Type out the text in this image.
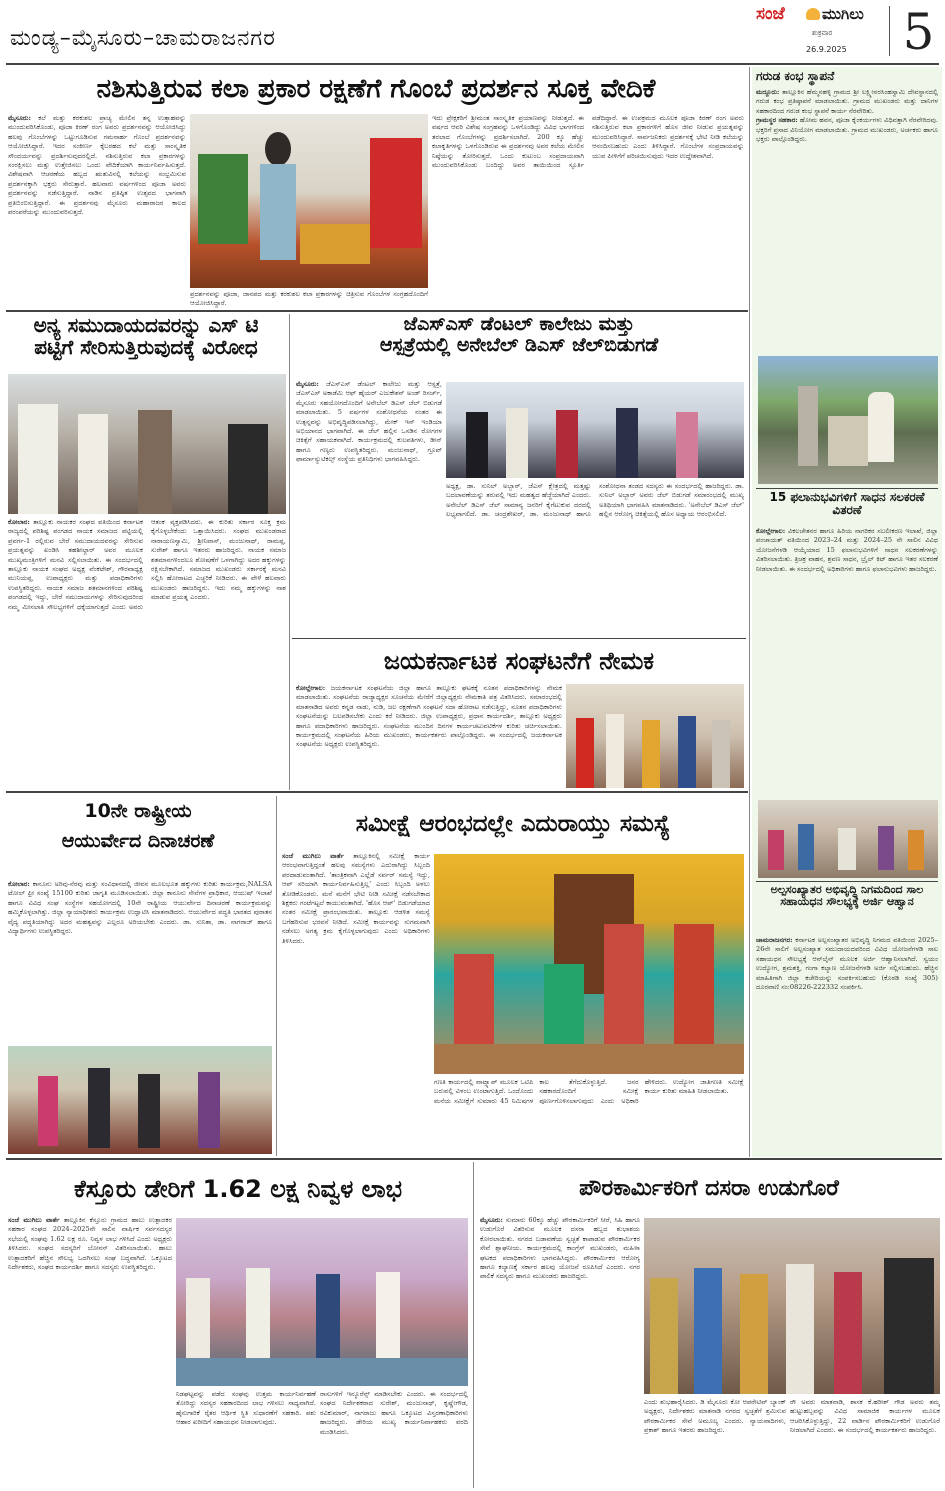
ಮಂಡ್ಯ–ಮೈಸೂರು–ಚಾಮರಾಜನಗರ
ಸಂಜೆ ಮುಗಿಲು
ಶುಕ್ರವಾರ
26.9.2025	5
ಗರುಡ ಕಂಭ ಸ್ಥಾಪನೆ
ಮದ್ದೂರು: ತಾಲ್ಲೂಕಿನ ಹೆಮ್ಮನಹಳ್ಳಿ ಗ್ರಾಮದ ಶ್ರೀ ಲಕ್ಷ್ಮೀನರಸಿಂಹಸ್ವಾಮಿ ದೇವಸ್ಥಾನದಲ್ಲಿ ಗರುಡ ಕಂಭ ಪ್ರತಿಷ್ಠಾಪನೆ ಮಾಡಲಾಯಿತು. ಗ್ರಾಮದ ಮುಖಂಡರು ಮತ್ತು ದಾನಿಗಳ ಸಹಕಾರದಿಂದ ಗರುಡ ಕಂಭ ಸ್ಥಾಪನೆ ಕಾರ್ಯ ನೆರವೇರಿತು.
ಗ್ರಾಮಸ್ಥರ ಸಹಕಾರ: ಹೋಮ ಹವನ, ಪೂಜಾ ಕೈಂಕರ್ಯಗಳು ವಿಧಿವತ್ತಾಗಿ ನೆರವೇರಿದವು. ಭಕ್ತರಿಗೆ ಪ್ರಸಾದ ವಿನಿಯೋಗ ಮಾಡಲಾಯಿತು. ಗ್ರಾಮದ ಮುಖಂಡರು, ಅರ್ಚಕರು ಹಾಗೂ ಭಕ್ತರು ಪಾಲ್ಗೊಂಡಿದ್ದರು.
15 ಫಲಾನುಭವಿಗಳಿಗೆ ಸಾಧನ ಸಲಕರಣೆ ವಿತರಣೆ
ಕೋಲ್ಲೇಗಾಲ: ವಿಕಲಚೇತನರ ಹಾಗೂ ಹಿರಿಯ ನಾಗರಿಕರ ಸಬಲೀಕರಣ ಇಲಾಖೆ, ಜಿಲ್ಲಾ ಪಂಚಾಯತ್ ವತಿಯಿಂದ 2023–24 ಮತ್ತು 2024–25 ನೇ ಸಾಲಿನ ವಿವಿಧ ಯೋಜನೆಗಳಡಿ ಆಯ್ಕೆಯಾದ 15 ಫಲಾನುಭವಿಗಳಿಗೆ ಸಾಧನ ಸಲಕರಣೆಗಳನ್ನು ವಿತರಿಸಲಾಯಿತು. ತ್ರಿಚಕ್ರ ವಾಹನ, ಶ್ರವಣ ಸಾಧನ, ಬ್ರೈಲ್ ಕಿಟ್ ಹಾಗೂ ಇತರ ಸಲಕರಣೆ ನೀಡಲಾಯಿತು. ಈ ಸಂದರ್ಭದಲ್ಲಿ ಅಧಿಕಾರಿಗಳು ಹಾಗೂ ಫಲಾನುಭವಿಗಳು ಹಾಜರಿದ್ದರು.
ಅಲ್ಪಸಂಖ್ಯಾತರ ಅಭಿವೃದ್ಧಿ ನಿಗಮದಿಂದ ಸಾಲ ಸಹಾಯಧನ ಸೌಲಭ್ಯಕ್ಕೆ ಅರ್ಜಿ ಆಹ್ವಾನ
ಚಾಮರಾಜನಗರ: ಕರ್ನಾಟಕ ಅಲ್ಪಸಂಖ್ಯಾತರ ಅಭಿವೃದ್ಧಿ ನಿಗಮದ ವತಿಯಿಂದ 2025–26ನೇ ಸಾಲಿಗೆ ಅಲ್ಪಸಂಖ್ಯಾತ ಸಮುದಾಯದವರಿಂದ ವಿವಿಧ ಯೋಜನೆಗಳಡಿ ಸಾಲ ಸಹಾಯಧನ ಸೌಲಭ್ಯಕ್ಕೆ ಆನ್‌ಲೈನ್ ಮೂಲಕ ಅರ್ಜಿ ಆಹ್ವಾನಿಸಲಾಗಿದೆ. ಸ್ವಯಂ ಉದ್ಯೋಗ, ಶ್ರಮಶಕ್ತಿ, ಗಂಗಾ ಕಲ್ಯಾಣ ಯೋಜನೆಗಳಡಿ ಅರ್ಜಿ ಸಲ್ಲಿಸಬಹುದು. ಹೆಚ್ಚಿನ ಮಾಹಿತಿಗಾಗಿ ಜಿಲ್ಲಾ ಕಚೇರಿಯನ್ನು ಸಂಪರ್ಕಿಸಬಹುದು (ಕೊಠಡಿ ಸಂಖ್ಯೆ 305) ದೂರವಾಣಿ ಸಂ:08226-222332 ಸಂಪರ್ಕಿಸಿ.
ನಶಿಸುತ್ತಿರುವ ಕಲಾ ಪ್ರಕಾರ ರಕ್ಷಣೆಗೆ ಗೊಂಬೆ ಪ್ರದರ್ಶನ ಸೂಕ್ತ ವೇದಿಕೆ
ಮೈಸೂರು: ಕಲೆ ಮತ್ತು ಕರಕುಶಲ ಪ್ರಾಚ್ಯ ಮೇಲಿನ ತನ್ನ ಉತ್ಸಾಹವನ್ನು ಮುಂದುವರಿಸಿಕೊಂಡು, ಪೂಜಾ ಕಿರಣ್ ರಂಗ ಅವರು ಪ್ರದರ್ಶನವನ್ನು ಆಯೋಜಿಸಿದ್ದು ಹಲವು ಗೊಂಬೆಗಳನ್ನು ಒಟ್ಟುಗೂಡಿಸುವ ಗಮನಾರ್ಹ ಗೊಂಬೆ ಪ್ರದರ್ಶನವನ್ನು ಆಯೋಜಿಸಿದ್ದಾರೆ. ಇದರ ಸಂಕೀರ್ಣ ಕೈಬರಹದ ಕಲೆ ಮತ್ತು ಸಾಂಸ್ಕೃತಿಕ ಸೌಂದರ್ಯವನ್ನು ಪ್ರದರ್ಶಿಸುವುದರಲ್ಲಿದೆ. ನಶಿಸುತ್ತಿರುವ ಕಲಾ ಪ್ರಕಾರಗಳನ್ನು ಸಂರಕ್ಷಿಸಲು ಮತ್ತು ಉತ್ತೇಜಿಸಲು ಒಂದು ವೇದಿಕೆಯಾಗಿ ಕಾರ್ಯನಿರ್ವಹಿಸುತ್ತದೆ. ವಿಶೇಷವಾಗಿ ಆಚರಣೆಯ ಹಬ್ಬದ ಋತುವಿನಲ್ಲಿ ಕಲೆಯನ್ನು ಸಂಭ್ರಮಿಸುವ ಪ್ರದರ್ಶನಕ್ಕಾಗಿ ಭಕ್ತರು ಸೇರುತ್ತಾರೆ. ಹಲವಾರು ವರ್ಷಗಳಿಂದ ಪೂಜಾ ಅವರು ಪ್ರದರ್ಶನವನ್ನು ನಡೆಸುತ್ತಿದ್ದಾರೆ. ನಾಡಿನ ಪ್ರತಿಷ್ಠಿತ ಉತ್ಸವದ ಭಾಗವಾಗಿ ಪ್ರತಿಬಿಂಬಿಸುತ್ತಿದ್ದಾರೆ. ಈ ಪ್ರದರ್ಶನವು ಮೈಸೂರು ಮಹಾರಾಜರ ಕಾಲದ ಪರಂಪರೆಯನ್ನು ಮುಂದುವರಿಸುತ್ತದೆ.
ಪ್ರದರ್ಶನವನ್ನು ಪೂಜಾ, ಜಾನಪದ ಮತ್ತು ಕರಕುಶಲ ಕಲಾ ಪ್ರಕಾರಗಳನ್ನು ಚಿತ್ರಿಸುವ ಗೊಂಬೆಗಳ ಸಂಗ್ರಹದೊಂದಿಗೆ ಆಯೋಜಿಸಿದ್ದಾರೆ.
ಇದು ಪ್ರೇಕ್ಷಕರಿಗೆ ಶ್ರೀಮಂತ ಸಾಂಸ್ಕೃತಿಕ ಪ್ರಯಾಣವನ್ನು ನೀಡುತ್ತದೆ. ಈ ವರ್ಷದ ಆವರಿ ವಿಶೇಷ ಸಂಗ್ರಹವನ್ನು ಒಳಗೊಂಡಿದ್ದು ವಿವಿಧ ಭಾಗಗಳಿಂದ ತರಲಾದ ಗೊಂಬೆಗಳನ್ನು ಪ್ರದರ್ಶಿಸಲಾಗಿದೆ. 200 ಕ್ಕೂ ಹೆಚ್ಚು ಕಲಾಕೃತಿಗಳನ್ನು ಒಳಗೊಂಡಿರುವ ಈ ಪ್ರದರ್ಶನವು ಅವರ ಕಲೆಯ ಮೇಲಿನ ನಿಷ್ಠೆಯನ್ನು ತೋರಿಸುತ್ತದೆ. ಒಂದು ಕುಟುಂಬ ಸಂಪ್ರದಾಯವಾಗಿ ಮುಂದುವರಿಸಿಕೊಂಡು ಬಂದಿದ್ದು ಅವರ ತಾಯಿಯಿಂದ ಸ್ಫೂರ್ತಿ ಪಡೆದಿದ್ದಾರೆ. ಈ ಉಪಕ್ರಮದ ಮೂಲಕ ಪೂಜಾ ಕಿರಣ್ ರಂಗ ಅವರು ನಶಿಸುತ್ತಿರುವ ಕಲಾ ಪ್ರಕಾರಗಳಿಗೆ ಹೊಸ ಜೀವ ನೀಡುವ ಪ್ರಯತ್ನವನ್ನು ಮುಂದುವರಿಸಿದ್ದಾರೆ. ಸಾರ್ವಜನಿಕರು ಪ್ರದರ್ಶನಕ್ಕೆ ಭೇಟಿ ನೀಡಿ ಕಲೆಯನ್ನು ಆನಂದಿಸಬಹುದು ಎಂದು ತಿಳಿಸಿದ್ದಾರೆ. ಗೊಂಬೆಗಳ ಸಂಪ್ರದಾಯವನ್ನು ಯುವ ಪೀಳಿಗೆಗೆ ಪರಿಚಯಿಸುವುದು ಇದರ ಉದ್ದೇಶವಾಗಿದೆ.
ಅನ್ಯ ಸಮುದಾಯದವರನ್ನು ಎಸ್ ಟಿ
ಪಟ್ಟಿಗೆ ಸೇರಿಸುತ್ತಿರುವುದಕ್ಕೆ ವಿರೋಧ
ಕೋಲಾರ: ತಾಲ್ಲೂಕು ನಾಯಕರ ಸಂಘದ ವತಿಯಿಂದ ಕರ್ನಾಟಕ ರಾಜ್ಯದಲ್ಲಿ ಪರಿಶಿಷ್ಟ ಪಂಗಡದ ನಾಯಕ ಸಮಾಜದ ಪಟ್ಟಿಯಲ್ಲಿ ಪ್ರವರ್ಗ-1 ರಲ್ಲಿರುವ ಬೇರೆ ಸಮುದಾಯದವರನ್ನು ಸೇರಿಸುವ ಪ್ರಯತ್ನವನ್ನು ಖಂಡಿಸಿ ತಹಶೀಲ್ದಾರ್ ಅವರ ಮೂಲಕ ಮುಖ್ಯಮಂತ್ರಿಗಳಿಗೆ ಮನವಿ ಸಲ್ಲಿಸಲಾಯಿತು. ಈ ಸಂದರ್ಭದಲ್ಲಿ ತಾಲ್ಲೂಕು ನಾಯಕ ಸಂಘದ ಅಧ್ಯಕ್ಷ ವೆಂಕಟೇಶ್, ಗೌರವಾಧ್ಯಕ್ಷ ಮುನಿಯಪ್ಪ, ಉಪಾಧ್ಯಕ್ಷರು ಮತ್ತು ಪದಾಧಿಕಾರಿಗಳು ಉಪಸ್ಥಿತರಿದ್ದರು. ನಾಯಕ ಸಮಾಜ ಶತಮಾನಗಳಿಂದ ಪರಿಶಿಷ್ಟ ಪಂಗಡದಲ್ಲಿ ಇದ್ದು, ಬೇರೆ ಸಮುದಾಯಗಳನ್ನು ಸೇರಿಸುವುದರಿಂದ ನಮ್ಮ ಮೀಸಲಾತಿ ಸೌಲಭ್ಯಗಳಿಗೆ ಧಕ್ಕೆಯಾಗುತ್ತದೆ ಎಂದು ಅವರು ಆತಂಕ ವ್ಯಕ್ತಪಡಿಸಿದರು. ಈ ಕುರಿತು ಸರ್ಕಾರ ಸೂಕ್ತ ಕ್ರಮ ಕೈಗೊಳ್ಳಬೇಕೆಂದು ಒತ್ತಾಯಿಸಿದರು. ಸಂಘದ ಮುಖಂಡರಾದ ನಾರಾಯಣಸ್ವಾಮಿ, ಶ್ರೀನಿವಾಸ್, ಮಂಜುನಾಥ್, ರಾಮಪ್ಪ, ಸುರೇಶ್ ಹಾಗೂ ಇತರರು ಹಾಜರಿದ್ದರು. ನಾಯಕ ಸಮಾಜ ಶತಮಾನಗಳಿಂದಲೂ ಶೋಷಣೆಗೆ ಒಳಗಾಗಿದ್ದು ಅದರ ಹಕ್ಕುಗಳನ್ನು ರಕ್ಷಿಸಬೇಕಾಗಿದೆ. ಸಮಾಜದ ಮುಖಂಡರು ಸರ್ಕಾರಕ್ಕೆ ಮನವಿ ಸಲ್ಲಿಸಿ ಹೋರಾಟದ ಎಚ್ಚರಿಕೆ ನೀಡಿದರು. ಈ ವೇಳೆ ಹಲವಾರು ಮುಖಂಡರು ಹಾಜರಿದ್ದರು. ಇದು ನಮ್ಮ ಹಕ್ಕುಗಳನ್ನು ನಾಶ ಮಾಡುವ ಪ್ರಯತ್ನ ಎಂದರು.
ಜೆಎಸ್‌ಎಸ್ ಡೆಂಟಲ್ ಕಾಲೇಜು ಮತ್ತು
ಆಸ್ಪತ್ರೆಯಲ್ಲಿ ಅನೇಬೆಲ್ ಡಿಎಸ್ ಜೆಲ್‌ಬಿಡುಗಡೆ
ಮೈಸೂರು: ಜೆಎಸ್‌ಎಸ್ ಡೆಂಟಲ್ ಕಾಲೇಜು ಮತ್ತು ಆಸ್ಪತ್ರೆ, ಜೆಎಸ್‌ಎಸ್ ಅಕಾಡೆಮಿ ಆಫ್ ಹೈಯರ್ ಎಜುಕೇಶನ್ ಅಂಡ್ ರಿಸರ್ಚ್, ಮೈಸೂರು ಸಹಯೋಗದೊಂದಿಗೆ ಅನೇಬೆಲ್ ಡಿಎಸ್ ಜೆಲ್ ಬಿಡುಗಡೆ ಮಾಡಲಾಯಿತು. 5 ವರ್ಷಗಳ ಸಂಶೋಧನೆಯ ನಂತರ ಈ ಉತ್ಪನ್ನವನ್ನು ಅಭಿವೃದ್ಧಿಪಡಿಸಲಾಗಿದ್ದು, ಮೇಕ್ ಇನ್ ಇಂಡಿಯಾ ಅಭಿಯಾನದ ಭಾಗವಾಗಿದೆ. ಈ ಜೆಲ್ ಹಲ್ಲಿನ ಒಸಡಿನ ರೋಗಗಳ ಚಿಕಿತ್ಸೆಗೆ ಸಹಾಯಕವಾಗಿದೆ. ಕಾರ್ಯಕ್ರಮದಲ್ಲಿ ಕುಲಪತಿಗಳು, ಡೀನ್ ಹಾಗೂ ಗಣ್ಯರು ಉಪಸ್ಥಿತರಿದ್ದರು. ಮಂಜುನಾಥ್, ಗ್ರೂಪ್ ಫಾರ್ಮಾಸ್ಯುಟಿಕಲ್ಸ್ ಸಂಸ್ಥೆಯ ಪ್ರತಿನಿಧಿಗಳು ಭಾಗವಹಿಸಿದ್ದರು.
ಅಧ್ಯಕ್ಷ, ಡಾ. ಸುನಿಲ್ ಅಬ್ಬಾರ್, ಜೆಎಸ್ ಕ್ಷೇತ್ರದಲ್ಲಿ ಮತ್ತಷ್ಟು ಬದಲಾವಣೆಯನ್ನು ತರುವಲ್ಲಿ ಇದು ಮಹತ್ವದ ಹೆಜ್ಜೆಯಾಗಿದೆ ಎಂದರು. ಅನೇಬೆಲ್ ಡಿಎಸ್ ಜೆಲ್ ಸಾಮಾನ್ಯ ಜನರಿಗೆ ಕೈಗೆಟುಕುವ ದರದಲ್ಲಿ ಲಭ್ಯವಾಗಲಿದೆ. ಡಾ. ಚಂದ್ರಶೇಖರ್, ಡಾ. ಮಂಜುನಾಥ್ ಹಾಗೂ ಸಂಶೋಧನಾ ತಂಡದ ಸದಸ್ಯರು ಈ ಸಂದರ್ಭದಲ್ಲಿ ಹಾಜರಿದ್ದರು. ಡಾ. ಸುನಿಲ್ ಅಬ್ಬಾರ್ ಅವರು ಜೆಲ್ ಬಿಡುಗಡೆ ಸಮಾರಂಭದಲ್ಲಿ ಮುಖ್ಯ ಅತಿಥಿಯಾಗಿ ಭಾಗವಹಿಸಿ ಮಾತನಾಡಿದರು. 'ಅನೇಬೆಲ್ ಡಿಎಸ್ ಜೆಲ್' ಹಲ್ಲಿನ ಆರೋಗ್ಯ ಚಿಕಿತ್ಸೆಯಲ್ಲಿ ಹೊಸ ಅಧ್ಯಾಯ ಆರಂಭಿಸಲಿದೆ.
ಜಯಕರ್ನಾಟಕ ಸಂಘಟನೆಗೆ ನೇಮಕ
ಕೋಲ್ಲೇಗಾಲ: ಜಯಕರ್ನಾಟಕ ಸಂಘಟನೆಯ ಜಿಲ್ಲಾ ಹಾಗೂ ತಾಲ್ಲೂಕು ಘಟಕಕ್ಕೆ ನೂತನ ಪದಾಧಿಕಾರಿಗಳನ್ನು ನೇಮಕ ಮಾಡಲಾಯಿತು. ಸಂಘಟನೆಯ ರಾಜ್ಯಾಧ್ಯಕ್ಷರ ಸೂಚನೆಯ ಮೇರೆಗೆ ಜಿಲ್ಲಾಧ್ಯಕ್ಷರು ನೇಮಕಾತಿ ಪತ್ರ ವಿತರಿಸಿದರು. ಸಮಾರಂಭದಲ್ಲಿ ಮಾತನಾಡಿದ ಅವರು ಕನ್ನಡ ನಾಡು, ನುಡಿ, ಜಲ ರಕ್ಷಣೆಗಾಗಿ ಸಂಘಟನೆ ಸದಾ ಹೋರಾಟ ನಡೆಸುತ್ತಿದ್ದು, ನೂತನ ಪದಾಧಿಕಾರಿಗಳು ಸಂಘಟನೆಯನ್ನು ಬಲಪಡಿಸಬೇಕು ಎಂದು ಕರೆ ನೀಡಿದರು. ಜಿಲ್ಲಾ ಉಪಾಧ್ಯಕ್ಷರು, ಪ್ರಧಾನ ಕಾರ್ಯದರ್ಶಿ, ತಾಲ್ಲೂಕು ಅಧ್ಯಕ್ಷರು ಹಾಗೂ ಪದಾಧಿಕಾರಿಗಳು ಹಾಜರಿದ್ದರು. ಸಂಘಟನೆಯ ಮುಂದಿನ ದಿನಗಳ ಕಾರ್ಯಚಟುವಟಿಕೆಗಳ ಕುರಿತು ಚರ್ಚಿಸಲಾಯಿತು. ಕಾರ್ಯಕ್ರಮದಲ್ಲಿ ಸಂಘಟನೆಯ ಹಿರಿಯ ಮುಖಂಡರು, ಕಾರ್ಯಕರ್ತರು ಪಾಲ್ಗೊಂಡಿದ್ದರು. ಈ ಸಂದರ್ಭದಲ್ಲಿ ಜಯಕರ್ನಾಟಕ ಸಂಘಟನೆಯ ಅಧ್ಯಕ್ಷರು ಉಪಸ್ಥಿತರಿದ್ದರು.
10ನೇ ರಾಷ್ಟ್ರೀಯ
ಆಯುರ್ವೇದ ದಿನಾಚರಣೆ
ಕೋಲಾರ: ಕಾನೂನು ಅರಿವು-ನೆರವು ಮತ್ತು ಸಂವಿಧಾನದಲ್ಲಿ ಜೀವನ ಮೂಲಭೂತ ಹಕ್ಕುಗಳು ಕುರಿತು ಕಾರ್ಯಕ್ರಮ,NALSA ಟೋಲ್ ಫ್ರೀ ಸಂಖ್ಯೆ 15100 ಕುರಿತು ಜಾಗೃತಿ ಮೂಡಿಸಲಾಯಿತು. ಜಿಲ್ಲಾ ಕಾನೂನು ಸೇವೆಗಳ ಪ್ರಾಧಿಕಾರ, ಆಯುಷ್ ಇಲಾಖೆ ಹಾಗೂ ವಿವಿಧ ಸಂಘ ಸಂಸ್ಥೆಗಳ ಸಹಯೋಗದಲ್ಲಿ 10ನೇ ರಾಷ್ಟ್ರೀಯ ಆಯುರ್ವೇದ ದಿನಾಚರಣೆ ಕಾರ್ಯಕ್ರಮವನ್ನು ಹಮ್ಮಿಕೊಳ್ಳಲಾಗಿತ್ತು. ಜಿಲ್ಲಾ ನ್ಯಾಯಾಧೀಶರು ಕಾರ್ಯಕ್ರಮ ಉದ್ಘಾಟಿಸಿ ಮಾತನಾಡಿದರು. ಆಯುರ್ವೇದ ಪದ್ಧತಿ ಭಾರತದ ಪುರಾತನ ವೈದ್ಯ ಪದ್ಧತಿಯಾಗಿದ್ದು ಅದರ ಮಹತ್ವವನ್ನು ಎಲ್ಲರೂ ಅರಿಯಬೇಕು ಎಂದರು. ಡಾ. ಸುನಿತಾ, ಡಾ. ನಾಗರಾಜ್ ಹಾಗೂ ವಿದ್ಯಾರ್ಥಿಗಳು ಉಪಸ್ಥಿತರಿದ್ದರು.
ಸಮೀಕ್ಷೆ ಆರಂಭದಲ್ಲೇ ಎದುರಾಯ್ತು ಸಮಸ್ಯೆ
ಸಂಜೆ ಮುಗಿಲು ವಾರ್ತೆ ತಾಲ್ಲೂಕಿನಲ್ಲಿ ಸಮೀಕ್ಷೆ ಕಾರ್ಯ ಆರಂಭವಾಗುತ್ತಿದ್ದಂತೆ ಹಲವು ಸಮಸ್ಯೆಗಳು ಎದುರಾಗಿದ್ದು ಸಿಬ್ಬಂದಿ ಪರದಾಡುವಂತಾಗಿದೆ. 'ತಾಂತ್ರಿಕವಾಗಿ ಎಲ್ಲೆಡೆ ಸರ್ವರ್ ಸಮಸ್ಯೆ ಇದ್ದು, ಆಪ್ ಸರಿಯಾಗಿ ಕಾರ್ಯನಿರ್ವಹಿಸುತ್ತಿಲ್ಲ' ಎಂದು ಸಿಬ್ಬಂದಿ ಅಳಲು ತೋಡಿಕೊಂಡರು. ಮನೆ ಮನೆಗೆ ಭೇಟಿ ನೀಡಿ ಸಮೀಕ್ಷೆ ನಡೆಸಬೇಕಾದ ಶಿಕ್ಷಕರು ಗಂಟೆಗಟ್ಟಲೆ ಕಾಯುವಂತಾಗಿದೆ. 'ಹೊಸ ಆಪ್' ಬಿಡುಗಡೆಯಾದ ನಂತರ ಸಮೀಕ್ಷೆ ಪ್ರಾರಂಭವಾಯಿತು. ತಾಲ್ಲೂಕು ಆಡಳಿತ ಸಮಸ್ಯೆ ಬಗೆಹರಿಸುವ ಭರವಸೆ ನೀಡಿದೆ. ಸಮೀಕ್ಷೆ ಕಾರ್ಯವನ್ನು ಸುಗಮವಾಗಿ ನಡೆಸಲು ಅಗತ್ಯ ಕ್ರಮ ಕೈಗೊಳ್ಳಲಾಗುವುದು ಎಂದು ಅಧಿಕಾರಿಗಳು ತಿಳಿಸಿದರು.
ಗಣತಿ ಕಾರ್ಯದಲ್ಲಿ ವಾಟ್ಸ್ಯಾಪ್ ಮೂಲಕ ಒಟಿಪಿ ಬರುವಲ್ಲಿ ವಿಳಂಬ ಉಂಟಾಗುತ್ತಿದೆ. ಒಂದೊಂದು ಮನೆಯ ಸಮೀಕ್ಷೆಗೆ ಸುಮಾರು 45 ನಿಮಿಷಗಳ ಕಾಲ ತೆಗೆದುಕೊಳ್ಳುತ್ತಿದೆ. ಜನರ ಸಹಕಾರದೊಂದಿಗೆ ಸಮೀಕ್ಷೆ ಪೂರ್ಣಗೊಳಿಸಲಾಗುವುದು ಎಂದು ಅಧಿಕಾರಿ ಹೇಳಿದರು. ಉದ್ಯೋಗ ಜಾತಿಗಣತಿ ಸಮೀಕ್ಷೆ ಕಾರ್ಯ ಕುರಿತು ಮಾಹಿತಿ ನೀಡಲಾಯಿತು.
ಕೆಸ್ತೂರು ಡೇರಿಗೆ 1.62 ಲಕ್ಷ ನಿವ್ವಳ ಲಾಭ
ಸಂಜೆ ಮುಗಿಲು ವಾರ್ತೆ ತಾಲ್ಲೂಕಿನ ಕೆಸ್ತೂರು ಗ್ರಾಮದ ಹಾಲು ಉತ್ಪಾದಕರ ಸಹಕಾರ ಸಂಘದ 2024–2025ನೇ ಸಾಲಿನ ವಾರ್ಷಿಕ ಸರ್ವಸದಸ್ಯರ ಸಭೆಯಲ್ಲಿ ಸಂಘವು 1.62 ಲಕ್ಷ ರೂ. ನಿವ್ವಳ ಲಾಭ ಗಳಿಸಿದೆ ಎಂದು ಅಧ್ಯಕ್ಷರು ತಿಳಿಸಿದರು. ಸಂಘದ ಸದಸ್ಯರಿಗೆ ಬೋನಸ್ ವಿತರಿಸಲಾಯಿತು. ಹಾಲು ಉತ್ಪಾದಕರಿಗೆ ಹೆಚ್ಚಿನ ಸೌಲಭ್ಯ ಒದಗಿಸಲು ಸಂಘ ಬದ್ಧವಾಗಿದೆ. ಒಕ್ಕೂಟದ ನಿರ್ದೇಶಕರು, ಸಂಘದ ಕಾರ್ಯದರ್ಶಿ ಹಾಗೂ ಸದಸ್ಯರು ಉಪಸ್ಥಿತರಿದ್ದರು.
ನಿಡಘಟ್ಟವನ್ನು ಪಡೆದ ಸಂಘವು ಉತ್ತಮ ಕಾರ್ಯನಿರ್ವಹಣೆ ತೋರಿದ್ದು ಸದಸ್ಯರ ಸಹಕಾರದಿಂದ ಲಾಭ ಗಳಿಸಲು ಸಾಧ್ಯವಾಗಿದೆ. ಹೈನುಗಾರಿಕೆ ರೈತರ ಆರ್ಥಿಕ ಸ್ಥಿತಿ ಸುಧಾರಣೆಗೆ ಸಹಕಾರಿ. ಪಶು ಆಹಾರ ಖರೀದಿಗೆ ಸಹಾಯಧನ ನೀಡಲಾಗುವುದು.
ರಾಸುಗಳಿಗೆ ಇನ್ಶೂರೆನ್ಸ್ ಮಾಡಿಸಬೇಕು ಎಂದರು. ಈ ಸಂದರ್ಭದಲ್ಲಿ ಸಂಘದ ನಿರ್ದೇಶಕರಾದ ಸುರೇಶ್, ಮಂಜುನಾಥ್, ಕೃಷ್ಣೇಗೌಡ, ರವಿಕುಮಾರ್, ನಾಗರಾಜು ಹಾಗೂ ಒಕ್ಕೂಟದ ವಿಸ್ತರಣಾಧಿಕಾರಿಗಳು ಹಾಜರಿದ್ದರು. ಡೇರಿಯ ಮುಖ್ಯ ಕಾರ್ಯನಿರ್ವಾಹಕರು ವರದಿ ಮಂಡಿಸಿದರು.
ಪೌರಕಾರ್ಮಿಕರಿಗೆ ದಸರಾ ಉಡುಗೊರೆ
ಮೈಸೂರು: ಸುಮಾರು 60ಕ್ಕೂ ಹೆಚ್ಚು ಪೌರಕಾರ್ಮಿಕರಿಗೆ ಸೀರೆ, ಸಿಹಿ ಹಾಗೂ ಉಡುಗೊರೆ ವಿತರಿಸುವ ಮೂಲಕ ದಸರಾ ಹಬ್ಬದ ಶುಭಾಶಯ ಕೋರಲಾಯಿತು. ನಗರದ ಬಡಾವಣೆಯ ಸ್ವಚ್ಛತೆ ಕಾಪಾಡುವ ಪೌರಕಾರ್ಮಿಕರ ಸೇವೆ ಶ್ಲಾಘನೀಯ. ಕಾರ್ಯಕ್ರಮದಲ್ಲಿ ಕಾಂಗ್ರೆಸ್ ಮುಖಂಡರು, ಮಹಿಳಾ ಘಟಕದ ಪದಾಧಿಕಾರಿಗಳು ಭಾಗವಹಿಸಿದ್ದರು. ಪೌರಕಾರ್ಮಿಕರ ಆರೋಗ್ಯ ಹಾಗೂ ಕಲ್ಯಾಣಕ್ಕೆ ಸರ್ಕಾರ ಹಲವು ಯೋಜನೆ ರೂಪಿಸಿದೆ ಎಂದರು. ನಗರ ಪಾಲಿಕೆ ಸದಸ್ಯರು ಹಾಗೂ ಮುಖಂಡರು ಹಾಜರಿದ್ದರು.
ಎಂದು ಶುಭಹಾರೈಸಿದರು. ಡಿ ಮೈಸೂರು ಕೋ ಆಪರೇಟಿವ್ ಬ್ಯಾಂಕ್ ಅಧ್ಯಕ್ಷರು, ನಿರ್ದೇಶಕರು ಮಾತನಾಡಿ ನಗರದ ಸ್ವಚ್ಛತೆಗೆ ಶ್ರಮಿಸುವ ಪೌರಕಾರ್ಮಿಕರ ಸೇವೆ ಅಮೂಲ್ಯ ಎಂದರು. ನ್ಯಾಯವಾದಿಗಳು, ಪ್ರಕಾಶ್ ಹಾಗೂ ಇತರರು ಹಾಜರಿದ್ದರು.
ರೌ ಅವರು ಮಾತನಾಡಿ, ಶಾಸಕ ಕೆ.ಹರೀಶ್ ಗೌಡ ಅವರು ತಮ್ಮ ಹುಟ್ಟುಹಬ್ಬವನ್ನು ವಿವಿಧ ಸಾಮಾಜಿಕ ಕಾರ್ಯಗಳ ಮೂಲಕ ಆಚರಿಸಿಕೊಳ್ಳುತ್ತಿದ್ದು, 22 ವಾರ್ಡಿನ ಪೌರಕಾರ್ಮಿಕರಿಗೆ ಉಡುಗೊರೆ ನೀಡಲಾಗಿದೆ ಎಂದರು. ಈ ಸಂದರ್ಭದಲ್ಲಿ ಕಾರ್ಯಕರ್ತರು ಹಾಜರಿದ್ದರು.
